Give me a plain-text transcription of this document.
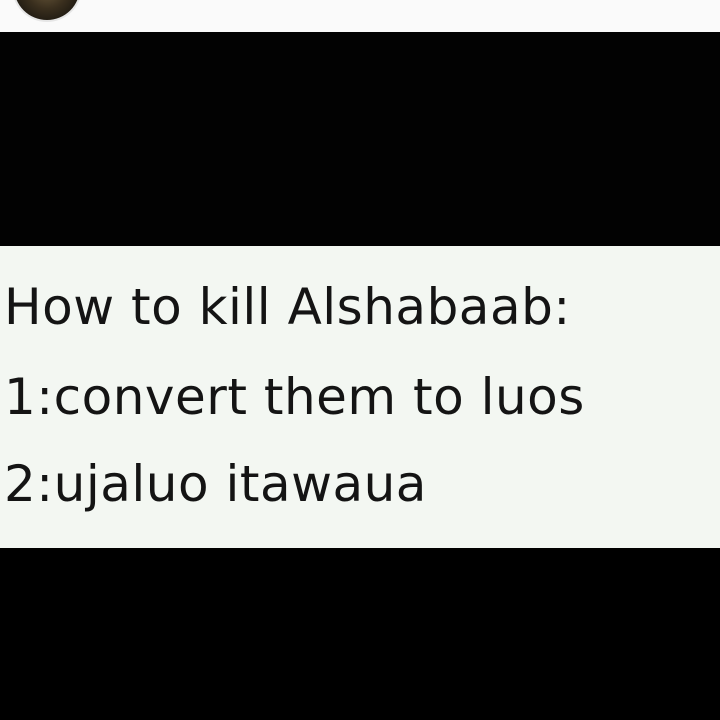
How to kill Alshabaab:

1:convert them to luos

2:ujaluo itawaua
